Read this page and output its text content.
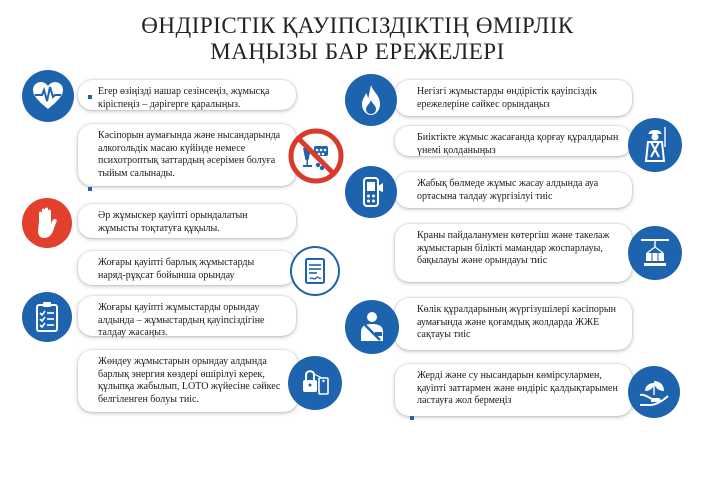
ӨНДІРІСТІК ҚАУІПСІЗДІКТІҢ ӨМІРЛІК
МАҢЫЗЫ БАР ЕРЕЖЕЛЕРІ
Егер өзіңізді нашар сезінсеңіз, жұмысқа кіріспеңіз – дәрігерге қаралыңыз.
Кәсіпорын аумағында және нысандарында алкогольдік масаю күйінде немесе психотроптық заттардың әсерімен болуға тыйым салынады.
Әр жұмыскер қауіпті орындалатын жұмысты тоқтатуға құқылы.
Жоғары қауіпті барлық жұмыстарды наряд-рұқсат бойынша орындау
Жоғары қауіпті жұмыстарды орындау алдында – жұмыстардың қауіпсіздігіне талдау жасаңыз.
Жөндеу жұмыстарын орындау алдында барлық энергия көздері өшірілуі керек, құлыпқа жабылып, LOTO жүйесіне сәйкес белгіленген болуы тиіс.
Негізгі жұмыстарды өндірістік қауіпсіздік ережелеріне сәйкес орындаңыз
Биіктікте жұмыс жасағанда қорғау құралдарын үнемі қолданыңыз
Жабық бөлмеде жұмыс жасау алдында ауа ортасына талдау жүргізілуі тиіс
Краны пайдаланумен көтергіш және такелаж жұмыстарын білікті мамандар жоспарлауы, бақылауы және орындауы тиіс
Көлік құралдарының жүргізушілері кәсіпорын аумағында және қоғамдық жолдарда ЖЖЕ сақтауы тиіс
Жерді және су нысандарын көмірсулармен, қауіпті заттармен және өндіріс қалдықтарымен ластауға жол бермеңіз
